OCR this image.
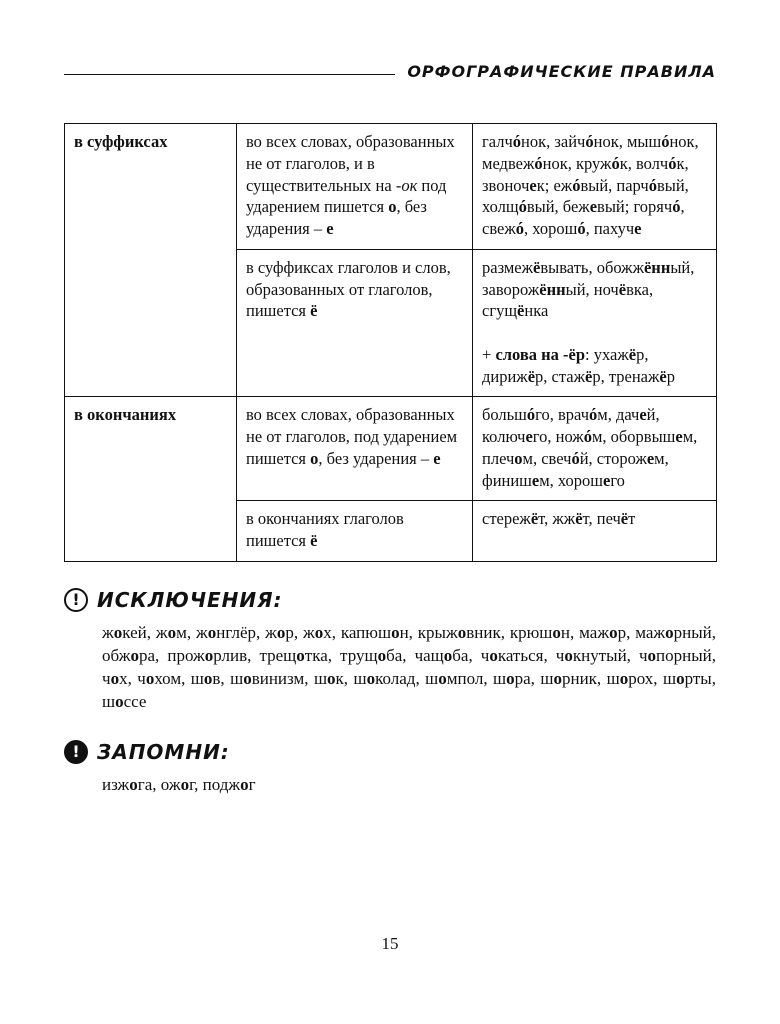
ОРФОГРАФИЧЕСКИЕ ПРАВИЛА
в суффиксах	во всех словах, образованных не от глаголов, и в существительных на -ок под ударением пишется о, без ударения – е	галчóнок, зайчóнок, мышóнок, медвежóнок, кружóк, волчóк, звоночек; ежóвый, парчóвый, холщóвый, бежевый; горячó, свежó, хорошó, пахуче
	в суффиксах глаголов и слов, образованных от глаголов, пишется ё	размежёвывать, обожжённый, заворожённый, ночёвка, сгущёнка

+ слова на -ёр: ухажёр, дирижёр, стажёр, тренажёр
в окончаниях	во всех словах, образованных не от глаголов, под ударением пишется о, без ударения – е	большóго, врачóм, дачей, колючего, ножóм, оборвышем, плечом, свечóй, сторожем, финишем, хорошего
	в окончаниях глаголов пишется ё	стережёт, жжёт, печёт
! ИСКЛЮЧЕНИЯ:

жокей, жом, жонглёр, жор, жох, капюшон, крыжовник, крюшон, мажор, мажорный, обжора, прожорлив, трещотка, трущоба, чащоба, чокаться, чокнутый, чопорный, чох, чохом, шов, шовинизм, шок, шоколад, шомпол, шора, шорник, шорох, шорты, шоссе

! ЗАПОМНИ:

изжога, ожог, поджог

15
